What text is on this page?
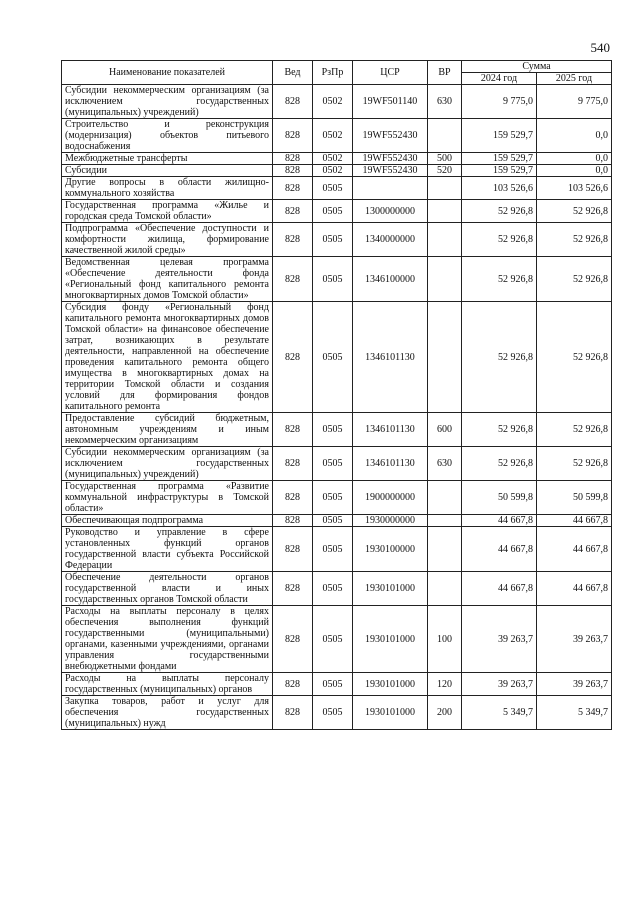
540
Наименование показателей	Вед	РзПр	ЦСР	ВР	Сумма	
					2024 год	2025 год
Субсидии некоммерческим организациям (за исключением государственных (муниципальных) учреждений)	828	0502	19WF501140	630	9 775,0	9 775,0
Строительство и реконструкция (модернизация) объектов питьевого водоснабжения	828	0502	19WF552430		159 529,7	0,0
Межбюджетные трансферты	828	0502	19WF552430	500	159 529,7	0,0
Субсидии	828	0502	19WF552430	520	159 529,7	0,0
Другие вопросы в области жилищно-коммунального хозяйства	828	0505			103 526,6	103 526,6
Государственная программа «Жилье и городская среда Томской области»	828	0505	1300000000		52 926,8	52 926,8
Подпрограмма «Обеспечение доступности и комфортности жилища, формирование качественной жилой среды»	828	0505	1340000000		52 926,8	52 926,8
Ведомственная целевая программа «Обеспечение деятельности фонда «Региональный фонд капитального ремонта многоквартирных домов Томской области»	828	0505	1346100000		52 926,8	52 926,8
Субсидия фонду «Региональный фонд капитального ремонта многоквартирных домов Томской области» на финансовое обеспечение затрат, возникающих в результате деятельности, направленной на обеспечение проведения капитального ремонта общего имущества в многоквартирных домах на территории Томской области и создания условий для формирования фондов капитального ремонта	828	0505	1346101130		52 926,8	52 926,8
Предоставление субсидий бюджетным, автономным учреждениям и иным некоммерческим организациям	828	0505	1346101130	600	52 926,8	52 926,8
Субсидии некоммерческим организациям (за исключением государственных (муниципальных) учреждений)	828	0505	1346101130	630	52 926,8	52 926,8
Государственная программа «Развитие коммунальной инфраструктуры в Томской области»	828	0505	1900000000		50 599,8	50 599,8
Обеспечивающая подпрограмма	828	0505	1930000000		44 667,8	44 667,8
Руководство и управление в сфере установленных функций органов государственной власти субъекта Российской Федерации	828	0505	1930100000		44 667,8	44 667,8
Обеспечение деятельности органов государственной власти и иных государственных органов Томской области	828	0505	1930101000		44 667,8	44 667,8
Расходы на выплаты персоналу в целях обеспечения выполнения функций государственными (муниципальными) органами, казенными учреждениями, органами управления государственными внебюджетными фондами	828	0505	1930101000	100	39 263,7	39 263,7
Расходы на выплаты персоналу государственных (муниципальных) органов	828	0505	1930101000	120	39 263,7	39 263,7
Закупка товаров, работ и услуг для обеспечения государственных (муниципальных) нужд	828	0505	1930101000	200	5 349,7	5 349,7
